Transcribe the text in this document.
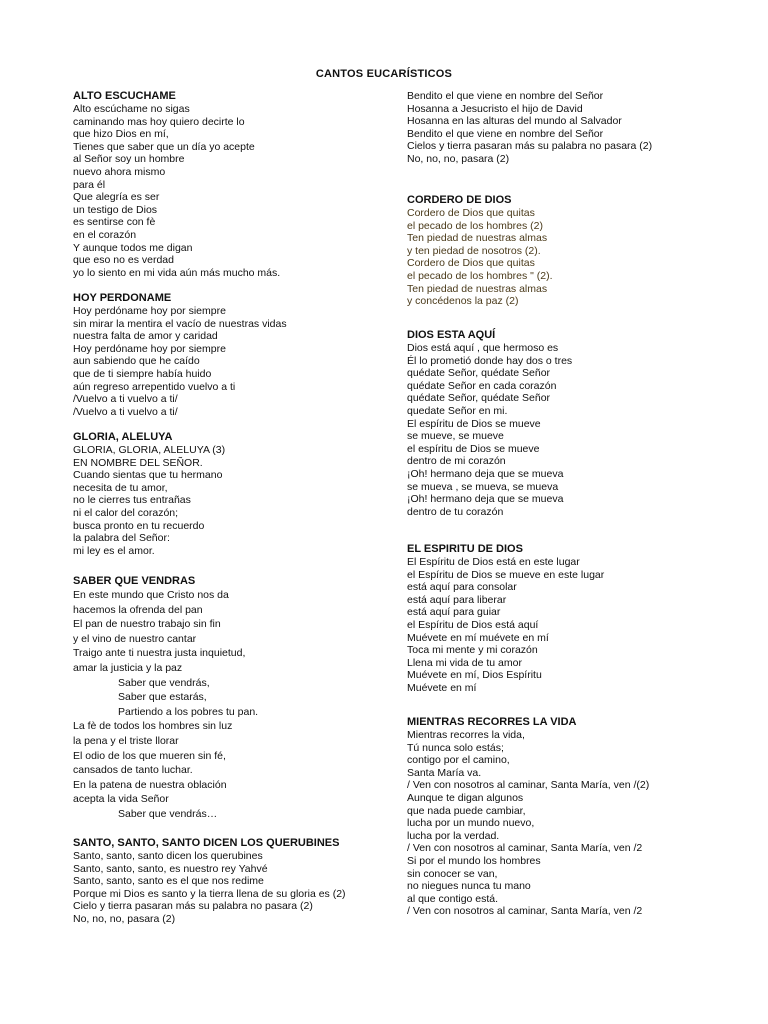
CANTOS EUCARÍSTICOS
ALTO ESCUCHAME
Alto escúchame no sigas
caminando mas hoy quiero decirte lo
que hizo Dios en mí,
Tienes que saber que un día yo acepte
al Señor soy un hombre
nuevo ahora mismo
para él
Que alegría es ser
un testigo de Dios
es sentirse con fè
en el corazón
Y aunque todos me digan
que eso no es verdad
yo lo siento en mi vida aún más mucho más.
HOY PERDONAME
Hoy perdóname hoy por siempre
sin mirar la mentira el vacío de nuestras vidas
nuestra falta de amor y caridad
Hoy perdóname hoy por siempre
aun sabiendo que he caído
que de ti siempre había huido
aún regreso arrepentido vuelvo a ti
/Vuelvo a ti vuelvo a ti/
/Vuelvo a ti vuelvo a ti/
GLORIA, ALELUYA
GLORIA, GLORIA, ALELUYA (3)
EN NOMBRE DEL SEÑOR.
Cuando sientas que tu hermano
necesita de tu amor,
no le cierres tus entrañas
ni el calor del corazón;
busca pronto en tu recuerdo
la palabra del Señor:
mi ley es el amor.
SABER QUE VENDRAS
En este mundo que Cristo nos da
hacemos la ofrenda del pan
El pan de nuestro trabajo sin fin
y el vino de nuestro cantar
Traigo ante ti nuestra justa inquietud,
amar la justicia y la paz
Saber que vendrás,
Saber que estarás,
Partiendo a los pobres tu pan.
La fè de todos los hombres sin luz
la pena y el triste llorar
El odio de los que mueren sin fé,
cansados de tanto luchar.
En la patena de nuestra oblación
acepta la vida Señor
Saber que vendrás…
SANTO, SANTO, SANTO DICEN LOS QUERUBINES
Santo, santo, santo dicen los querubines
Santo, santo, santo, es nuestro rey Yahvé
Santo, santo, santo es el que nos redime
Porque mi Dios es santo y la tierra llena de su gloria es (2)
Cielo y tierra pasaran más su palabra no pasara (2)
No, no, no, pasara (2)
Bendito el que viene en nombre del Señor
Hosanna a Jesucristo el hijo de David
Hosanna en las alturas del mundo al Salvador
Bendito el que viene en nombre del Señor
Cielos y tierra pasaran más su palabra no pasara (2)
No, no, no, pasara (2)
CORDERO DE DIOS
Cordero de Dios que quitas
el pecado de los hombres (2)
Ten piedad de nuestras almas
y ten piedad de nosotros (2).
Cordero de Dios que quitas
el pecado de los hombres " (2).
Ten piedad de nuestras almas
y concédenos la paz (2)
DIOS ESTA AQUÍ
Dios está aquí , que hermoso es
Él lo prometió donde hay dos o tres
quédate Señor, quédate Señor
quédate Señor en cada corazón
quédate Señor, quédate Señor
quedate Señor en mi.
El espíritu de Dios se mueve
se mueve, se mueve
el espíritu de Dios se mueve
dentro de mi corazón
¡Oh! hermano deja que se mueva
se mueva , se mueva, se mueva
¡Oh! hermano deja que se mueva
dentro de tu corazón
EL ESPIRITU DE DIOS
El Espíritu de Dios está en este lugar
el Espíritu de Dios se mueve en este lugar
está aquí para consolar
está aquí para liberar
está aquí para guiar
el Espíritu de Dios está aquí
Muévete en mí muévete en mí
Toca mi mente y mi corazón
Llena mi vida de tu amor
Muévete en mí, Dios Espíritu
Muévete en mí
MIENTRAS RECORRES LA VIDA
Mientras recorres la vida,
Tú nunca solo estás;
contigo por el camino,
Santa María va.
/ Ven con nosotros al caminar, Santa María, ven /(2)
Aunque te digan algunos
que nada puede cambiar,
lucha por un mundo nuevo,
lucha por la verdad.
/ Ven con nosotros al caminar, Santa María, ven /2
Si por el mundo los hombres
sin conocer se van,
no niegues nunca tu mano
al que contigo está.
/ Ven con nosotros al caminar, Santa María, ven /2
